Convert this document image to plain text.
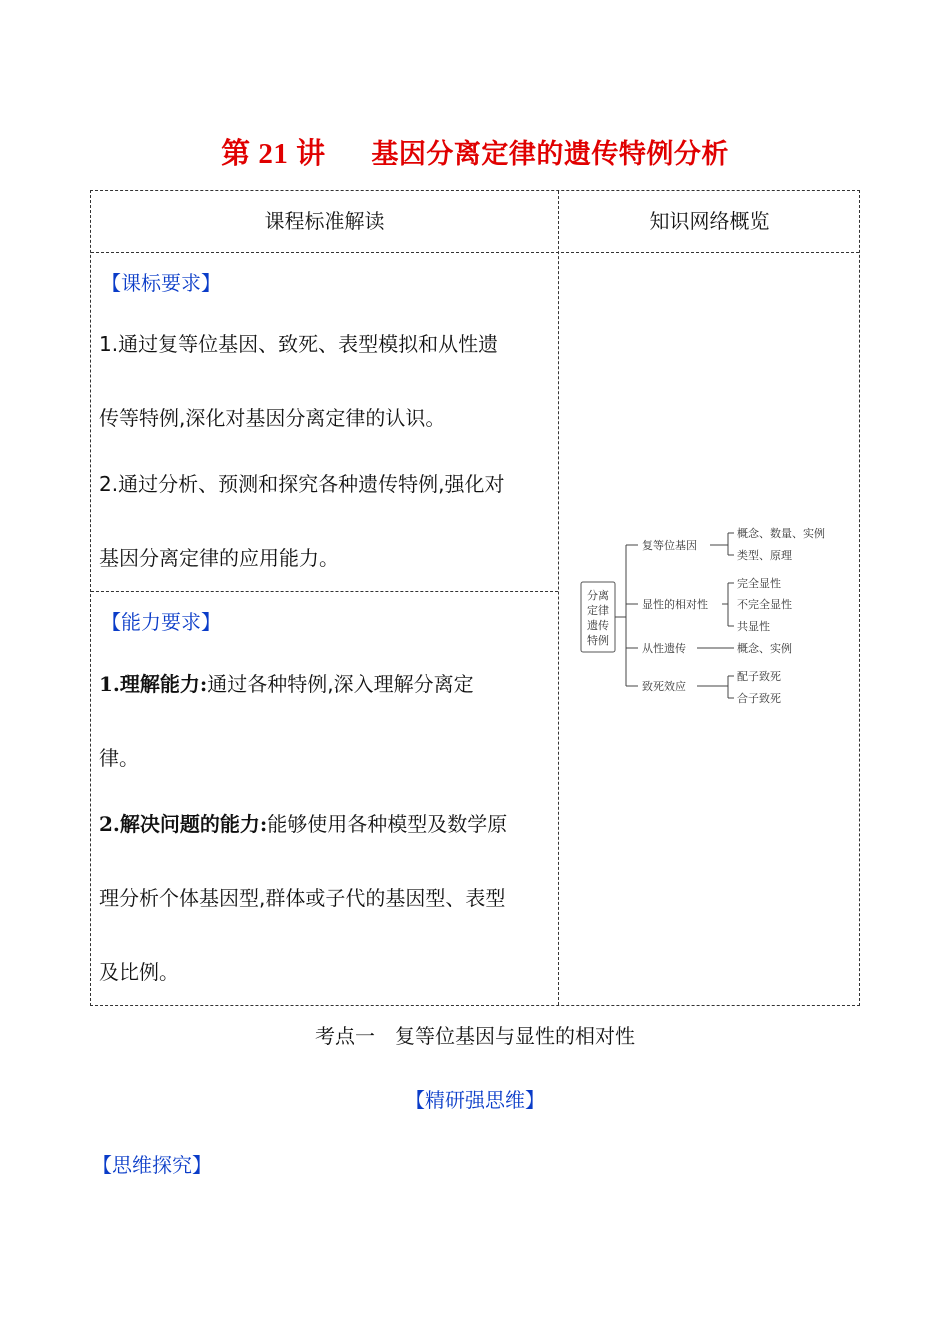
第 21 讲 基因分离定律的遗传特例分析
课程标准解读	知识网络概览
【课标要求】
1.通过复等位基因、致死、表型模拟和从性遗
传等特例,深化对基因分离定律的认识。
2.通过分析、预测和探究各种遗传特例,强化对
基因分离定律的应用能力。
【能力要求】
1.理解能力:通过各种特例,深入理解分离定
律。
2.解决问题的能力:能够使用各种模型及数学原
理分析个体基因型,群体或子代的基因型、表型
及比例。
分离
定律
遗传
特例
复等位基因
概念、数量、实例
类型、原理
显性的相对性
完全显性
不完全显性
共显性
从性遗传	概念、实例
致死效应
配子致死
合子致死
考点一　复等位基因与显性的相对性
【精研强思维】
【思维探究】
